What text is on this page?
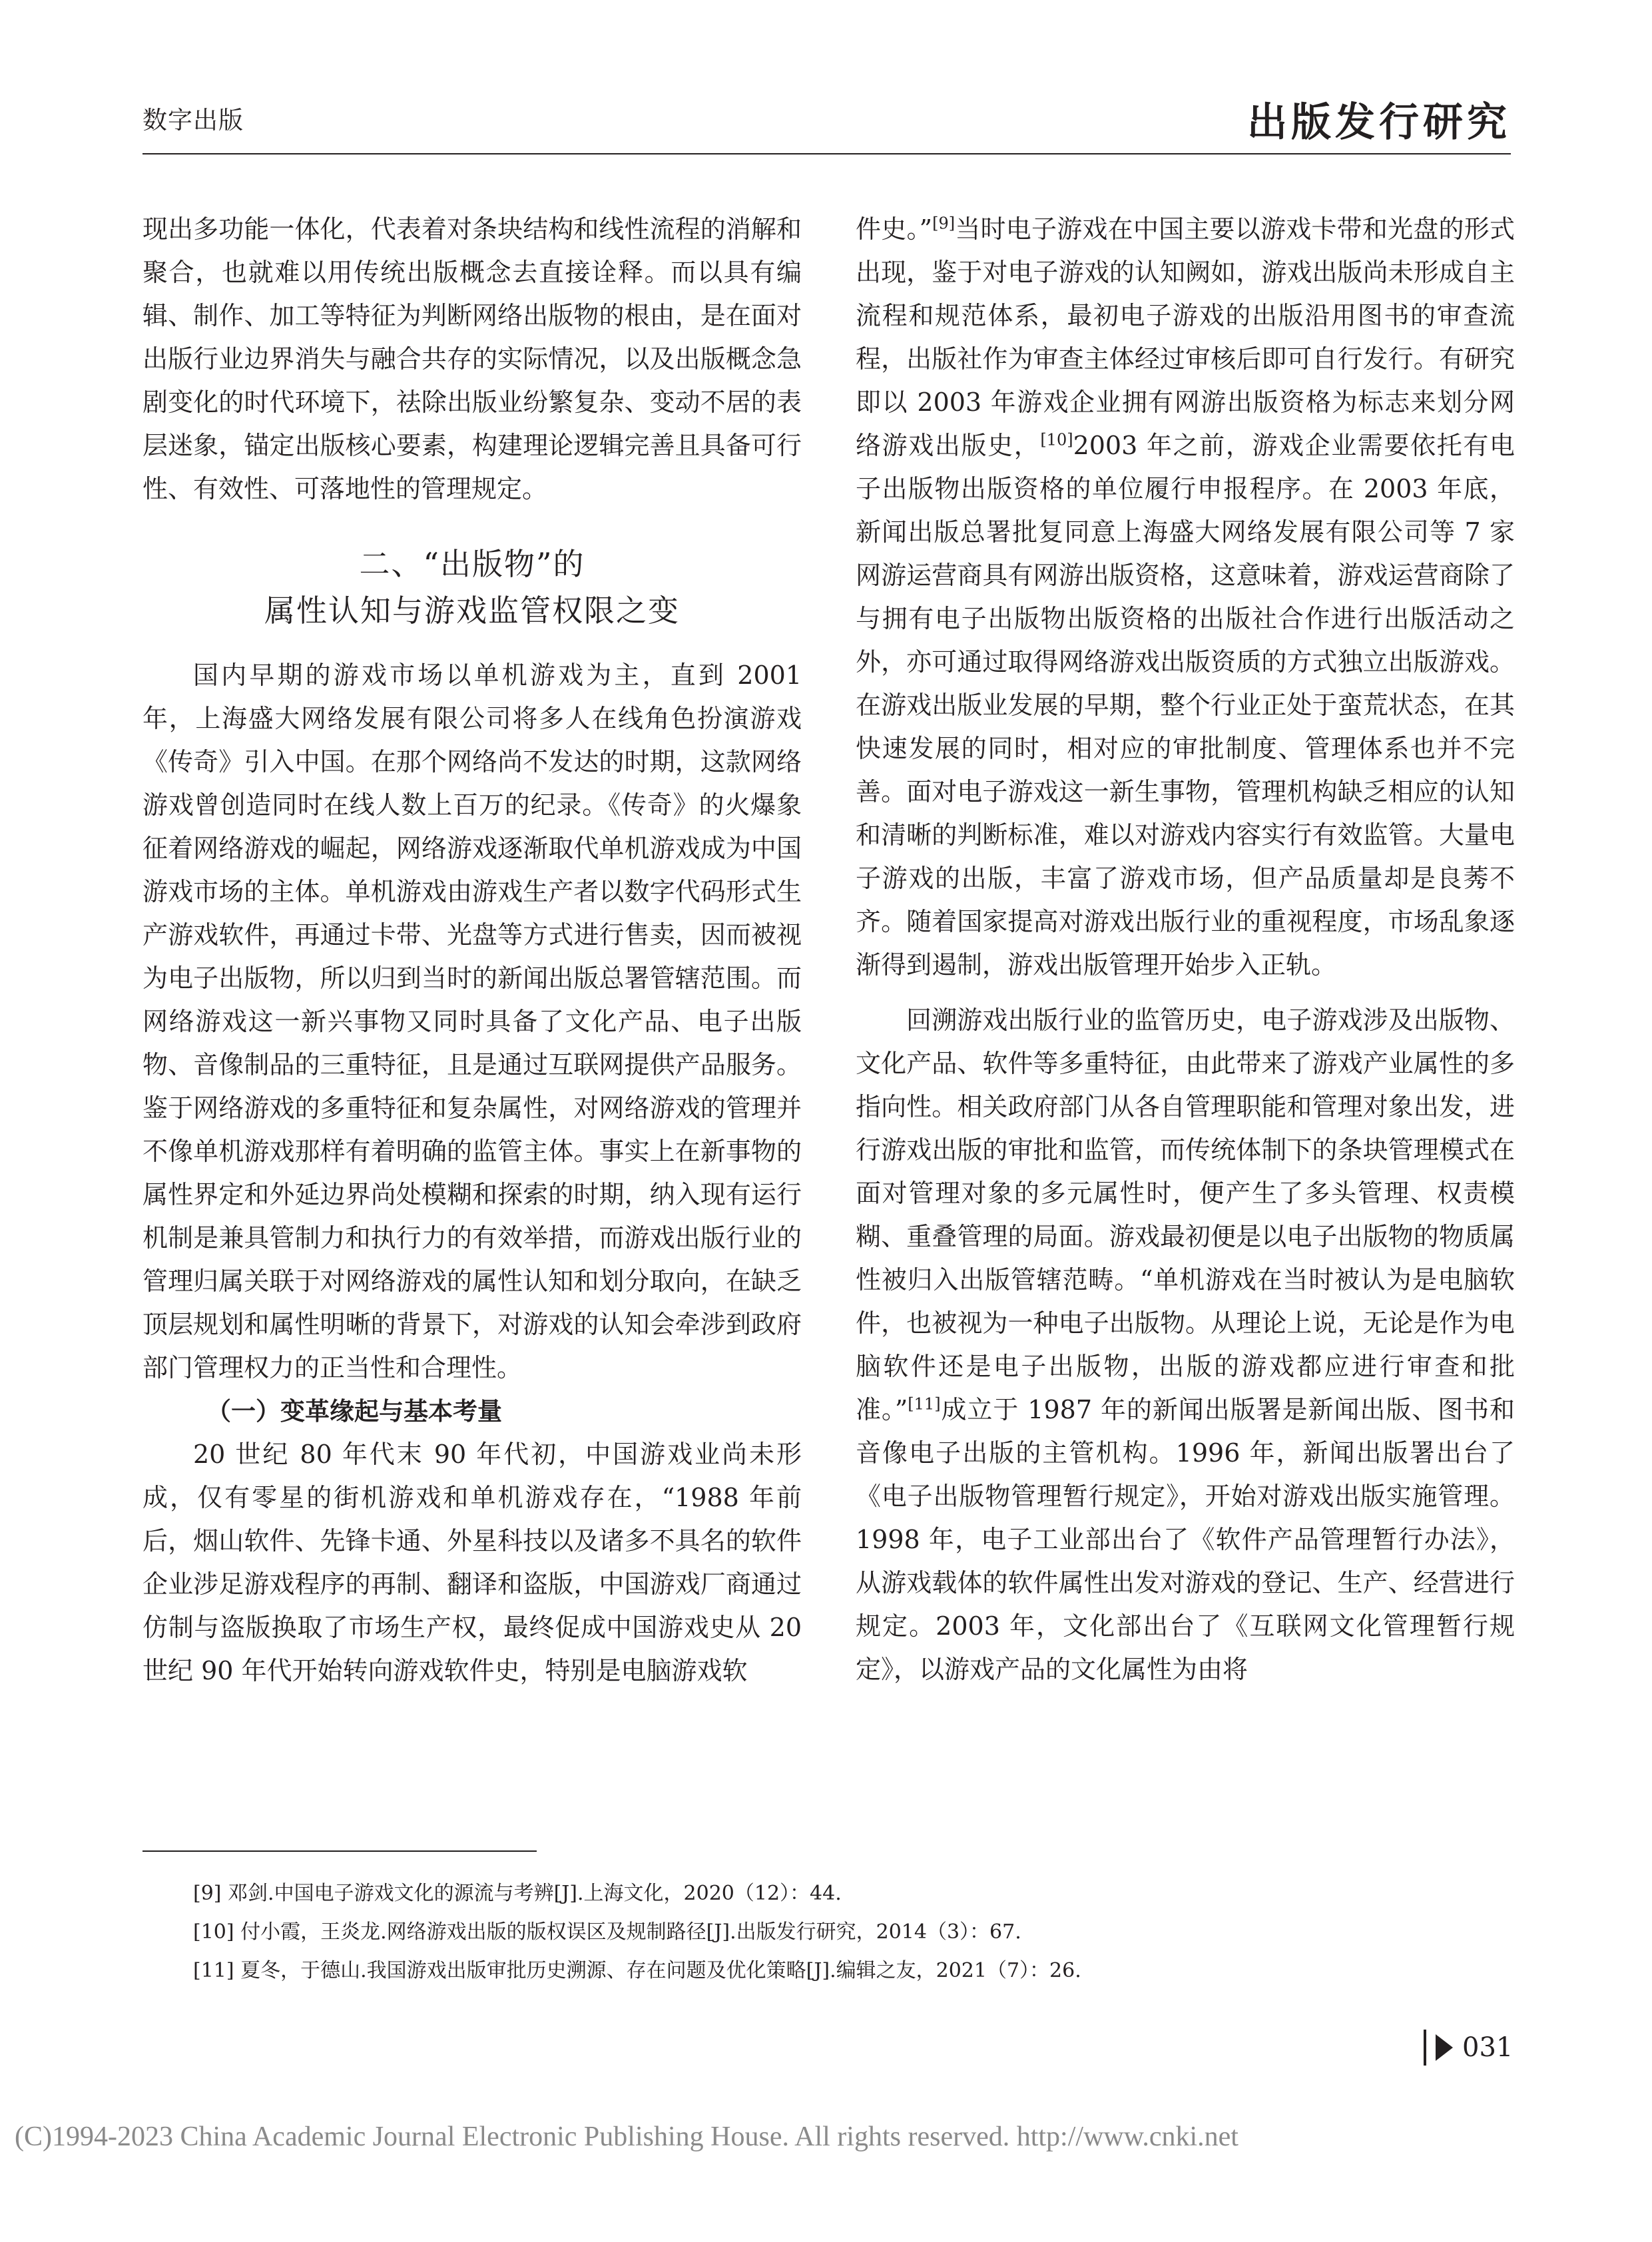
数字出版	出版发行研究

现出多功能一体化，代表着对条块结构和线性流程的消解和聚合，也就难以用传统出版概念去直接诠释。而以具有编辑、制作、加工等特征为判断网络出版物的根由，是在面对出版行业边界消失与融合共存的实际情况，以及出版概念急剧变化的时代环境下，祛除出版业纷繁复杂、变动不居的表层迷象，锚定出版核心要素，构建理论逻辑完善且具备可行性、有效性、可落地性的管理规定。

二、“出版物”的
属性认知与游戏监管权限之变

国内早期的游戏市场以单机游戏为主，直到 2001 年，上海盛大网络发展有限公司将多人在线角色扮演游戏《传奇》引入中国。在那个网络尚不发达的时期，这款网络游戏曾创造同时在线人数上百万的纪录。《传奇》的火爆象征着网络游戏的崛起，网络游戏逐渐取代单机游戏成为中国游戏市场的主体。单机游戏由游戏生产者以数字代码形式生产游戏软件，再通过卡带、光盘等方式进行售卖，因而被视为电子出版物，所以归到当时的新闻出版总署管辖范围。而网络游戏这一新兴事物又同时具备了文化产品、电子出版物、音像制品的三重特征，且是通过互联网提供产品服务。鉴于网络游戏的多重特征和复杂属性，对网络游戏的管理并不像单机游戏那样有着明确的监管主体。事实上在新事物的属性界定和外延边界尚处模糊和探索的时期，纳入现有运行机制是兼具管制力和执行力的有效举措，而游戏出版行业的管理归属关联于对网络游戏的属性认知和划分取向，在缺乏顶层规划和属性明晰的背景下，对游戏的认知会牵涉到政府部门管理权力的正当性和合理性。

（一）变革缘起与基本考量

20 世纪 80 年代末 90 年代初，中国游戏业尚未形成，仅有零星的街机游戏和单机游戏存在，“1988 年前后，烟山软件、先锋卡通、外星科技以及诸多不具名的软件企业涉足游戏程序的再制、翻译和盗版，中国游戏厂商通过仿制与盗版换取了市场生产权，最终促成中国游戏史从 20 世纪 90 年代开始转向游戏软件史，特别是电脑游戏软

件史。”[9]当时电子游戏在中国主要以游戏卡带和光盘的形式出现，鉴于对电子游戏的认知阙如，游戏出版尚未形成自主流程和规范体系，最初电子游戏的出版沿用图书的审查流程，出版社作为审查主体经过审核后即可自行发行。有研究即以 2003 年游戏企业拥有网游出版资格为标志来划分网络游戏出版史，[10]2003 年之前，游戏企业需要依托有电子出版物出版资格的单位履行申报程序。在 2003 年底，新闻出版总署批复同意上海盛大网络发展有限公司等 7 家网游运营商具有网游出版资格，这意味着，游戏运营商除了与拥有电子出版物出版资格的出版社合作进行出版活动之外，亦可通过取得网络游戏出版资质的方式独立出版游戏。在游戏出版业发展的早期，整个行业正处于蛮荒状态，在其快速发展的同时，相对应的审批制度、管理体系也并不完善。面对电子游戏这一新生事物，管理机构缺乏相应的认知和清晰的判断标准，难以对游戏内容实行有效监管。大量电子游戏的出版，丰富了游戏市场，但产品质量却是良莠不齐。随着国家提高对游戏出版行业的重视程度，市场乱象逐渐得到遏制，游戏出版管理开始步入正轨。

回溯游戏出版行业的监管历史，电子游戏涉及出版物、文化产品、软件等多重特征，由此带来了游戏产业属性的多指向性。相关政府部门从各自管理职能和管理对象出发，进行游戏出版的审批和监管，而传统体制下的条块管理模式在面对管理对象的多元属性时，便产生了多头管理、权责模糊、重叠管理的局面。游戏最初便是以电子出版物的物质属性被归入出版管辖范畴。“单机游戏在当时被认为是电脑软件，也被视为一种电子出版物。从理论上说，无论是作为电脑软件还是电子出版物，出版的游戏都应进行审查和批准。”[11]成立于 1987 年的新闻出版署是新闻出版、图书和音像电子出版的主管机构。1996 年，新闻出版署出台了《电子出版物管理暂行规定》，开始对游戏出版实施管理。1998 年，电子工业部出台了《软件产品管理暂行办法》，从游戏载体的软件属性出发对游戏的登记、生产、经营进行规定。2003 年，文化部出台了《互联网文化管理暂行规定》，以游戏产品的文化属性为由将

[9] 邓剑.中国电子游戏文化的源流与考辨[J].上海文化，2020（12）：44.
[10] 付小霞，王炎龙.网络游戏出版的版权误区及规制路径[J].出版发行研究，2014（3）：67.
[11] 夏冬，于德山.我国游戏出版审批历史溯源、存在问题及优化策略[J].编辑之友，2021（7）：26.
031
(C)1994-2023 China Academic Journal Electronic Publishing House. All rights reserved. http://www.cnki.net
